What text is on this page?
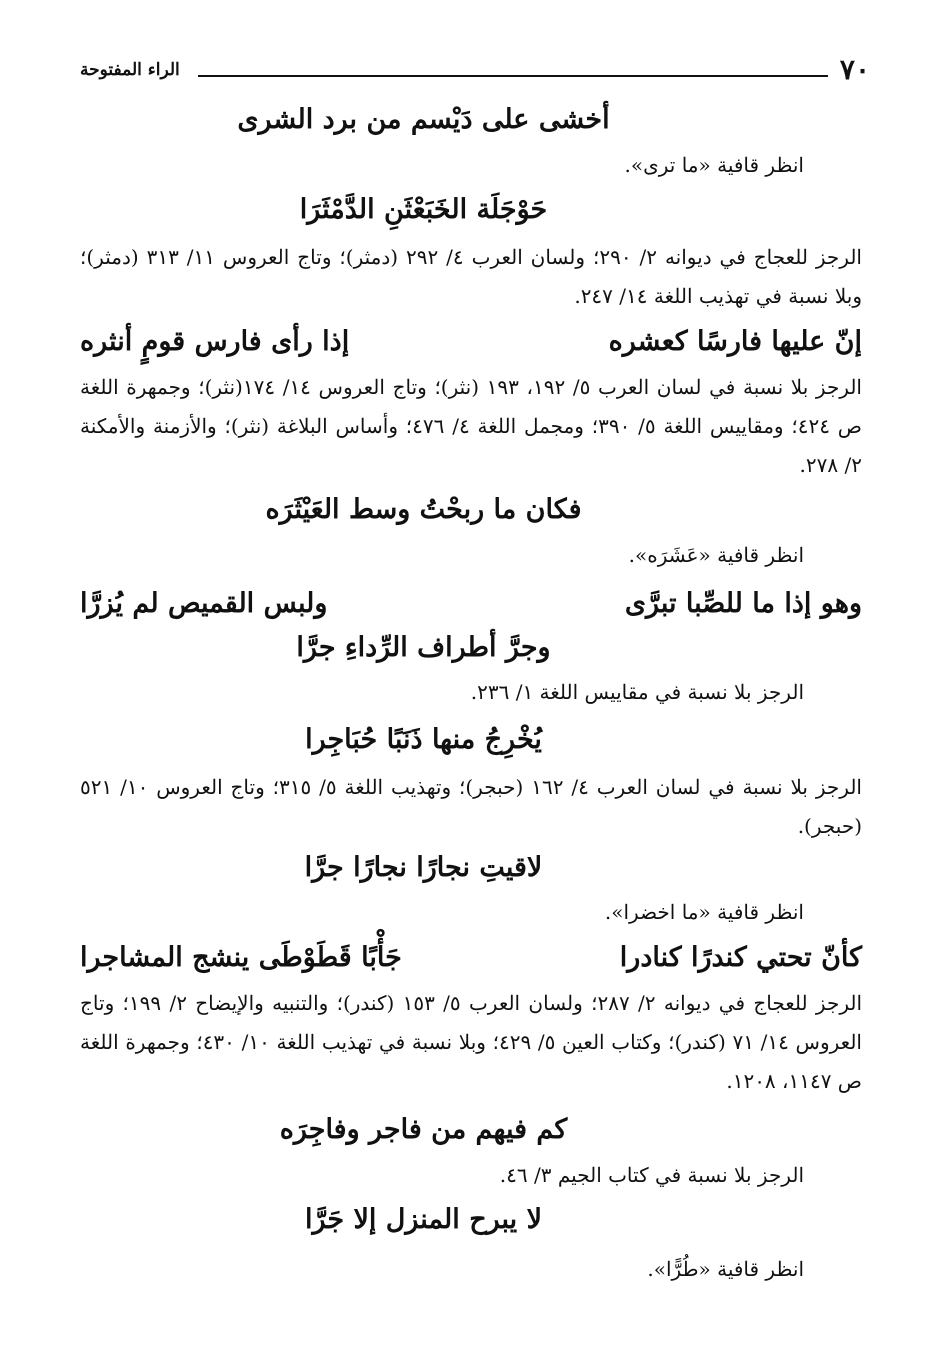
٧٠
الراء المفتوحة
أخشى على دَيْسم من برد الشرى
انظر قافية «ما ترى».
حَوْجَلَة الخَبَعْثَنِ الدَّمْثَرَا
الرجز للعجاج في ديوانه ٢/ ٢٩٠؛ ولسان العرب ٤/ ٢٩٢ (دمثر)؛ وتاج العروس ١١/ ٣١٣ (دمثر)؛ وبلا نسبة في تهذيب اللغة ١٤/ ٢٤٧.
إنّ عليها فارسًا كعشره
إذا رأى فارس قومٍ أنثره
الرجز بلا نسبة في لسان العرب ٥/ ١٩٢، ١٩٣ (نثر)؛ وتاج العروس ١٤/ ١٧٤(نثر)؛ وجمهرة اللغة ص ٤٢٤؛ ومقاييس اللغة ٥/ ٣٩٠؛ ومجمل اللغة ٤/ ٤٧٦؛ وأساس البلاغة (نثر)؛ والأزمنة والأمكنة ٢/ ٢٧٨.
فكان ما ربحْتُ وسط العَيْثَرَه
انظر قافية «عَشَرَه».
وهو إذا ما للصِّبا تبرَّى
ولبس القميص لم يُزرَّا
وجرَّ أطراف الرِّداءِ جرَّا
الرجز بلا نسبة في مقاييس اللغة ١/ ٢٣٦.
يُخْرِجُ منها ذَنَبًا حُبَاجِرا
الرجز بلا نسبة في لسان العرب ٤/ ١٦٢ (حبجر)؛ وتهذيب اللغة ٥/ ٣١٥؛ وتاج العروس ١٠/ ٥٢١ (حبجر).
لاقيتِ نجارًا نجارًا جرَّا
انظر قافية «ما اخضرا».
كأنّ تحتي كندرًا كنادرا
جَأْبًا قَطَوْطَى ينشج المشاجرا
الرجز للعجاج في ديوانه ٢/ ٢٨٧؛ ولسان العرب ٥/ ١٥٣ (كندر)؛ والتنبيه والإيضاح ٢/ ١٩٩؛ وتاج العروس ١٤/ ٧١ (كندر)؛ وكتاب العين ٥/ ٤٢٩؛ وبلا نسبة في تهذيب اللغة ١٠/ ٤٣٠؛ وجمهرة اللغة ص ١١٤٧، ١٢٠٨.
كم فيهم من فاجر وفاجِرَه
الرجز بلا نسبة في كتاب الجيم ٣/ ٤٦.
لا يبرح المنزل إلا جَرَّا
انظر قافية «طُرًّا».
